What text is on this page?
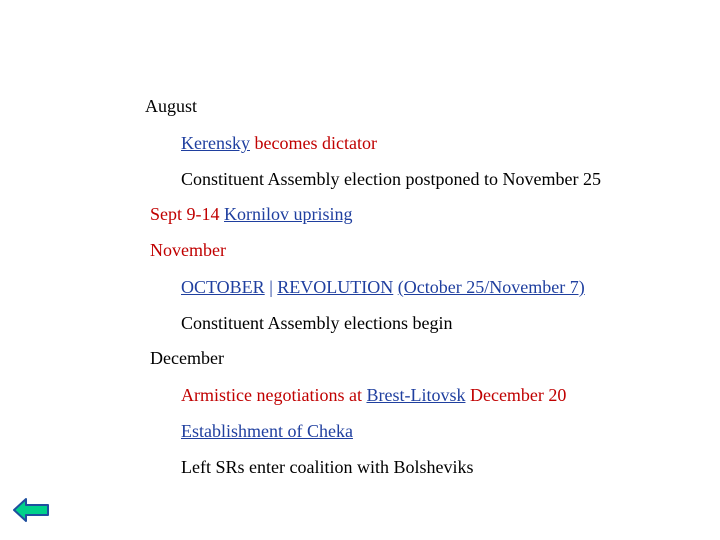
August
Kerensky becomes dictator
Constituent Assembly election postponed to November 25
Sept 9-14 Kornilov uprising
November
OCTOBER | REVOLUTION (October 25/November 7)
Constituent Assembly elections begin
December
Armistice negotiations at Brest-Litovsk December 20
Establishment of Cheka
Left SRs enter coalition with Bolsheviks
